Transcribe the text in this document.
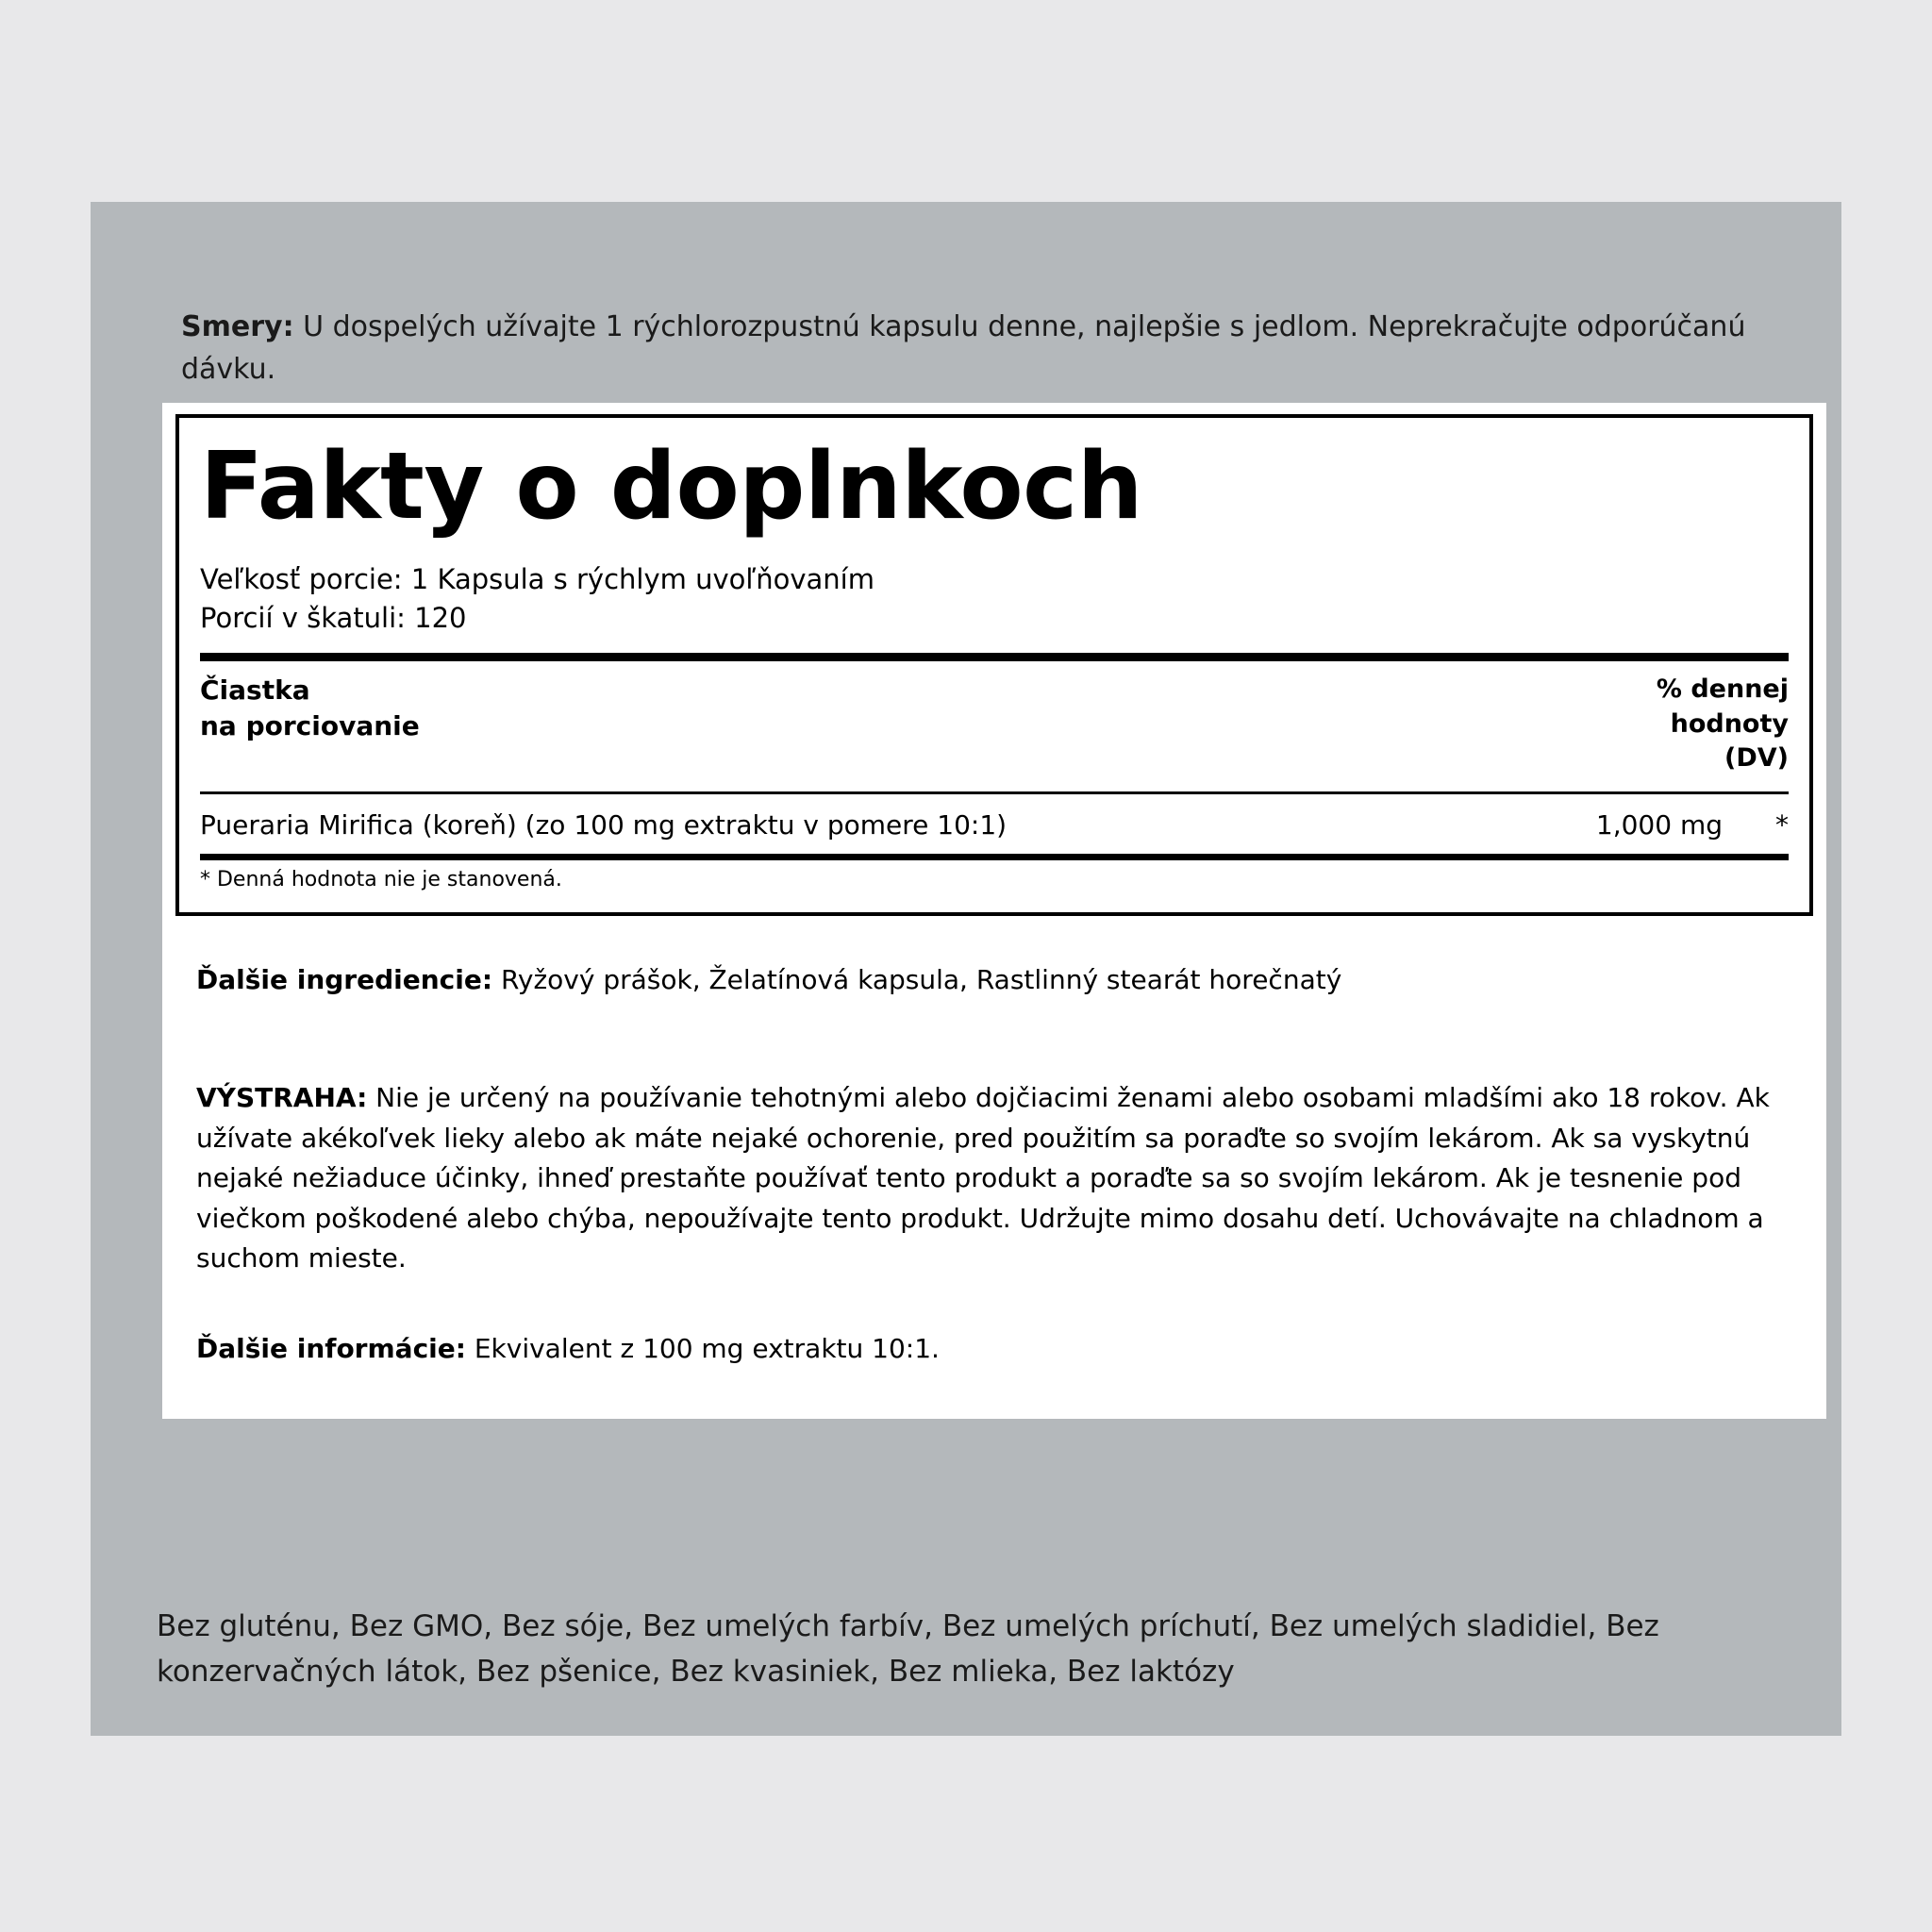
Smery: U dospelých užívajte 1 rýchlorozpustnú kapsulu denne, najlepšie s jedlom. Neprekračujte odporúčanú dávku.

Fakty o doplnkoch
Veľkosť porcie: 1 Kapsula s rýchlym uvoľňovaním
Porcií v škatuli: 120
Čiastka
na porciovanie
% dennej
hodnoty
(DV)
Pueraria Mirifica (koreň) (zo 100 mg extraktu v pomere 10:1)	1,000 mg	*
* Denná hodnota nie je stanovená.

Ďalšie ingrediencie: Ryžový prášok, Želatínová kapsula, Rastlinný stearát horečnatý

VÝSTRAHA: Nie je určený na používanie tehotnými alebo dojčiacimi ženami alebo osobami mladšími ako 18 rokov. Ak užívate akékoľvek lieky alebo ak máte nejaké ochorenie, pred použitím sa poraďte so svojím lekárom. Ak sa vyskytnú nejaké nežiaduce účinky, ihneď prestaňte používať tento produkt a poraďte sa so svojím lekárom. Ak je tesnenie pod viečkom poškodené alebo chýba, nepoužívajte tento produkt. Udržujte mimo dosahu detí. Uchovávajte na chladnom a suchom mieste.

Ďalšie informácie: Ekvivalent z 100 mg extraktu 10:1.

Bez gluténu, Bez GMO, Bez sóje, Bez umelých farbív, Bez umelých príchutí, Bez umelých sladidiel, Bez konzervačných látok, Bez pšenice, Bez kvasiniek, Bez mlieka, Bez laktózy
